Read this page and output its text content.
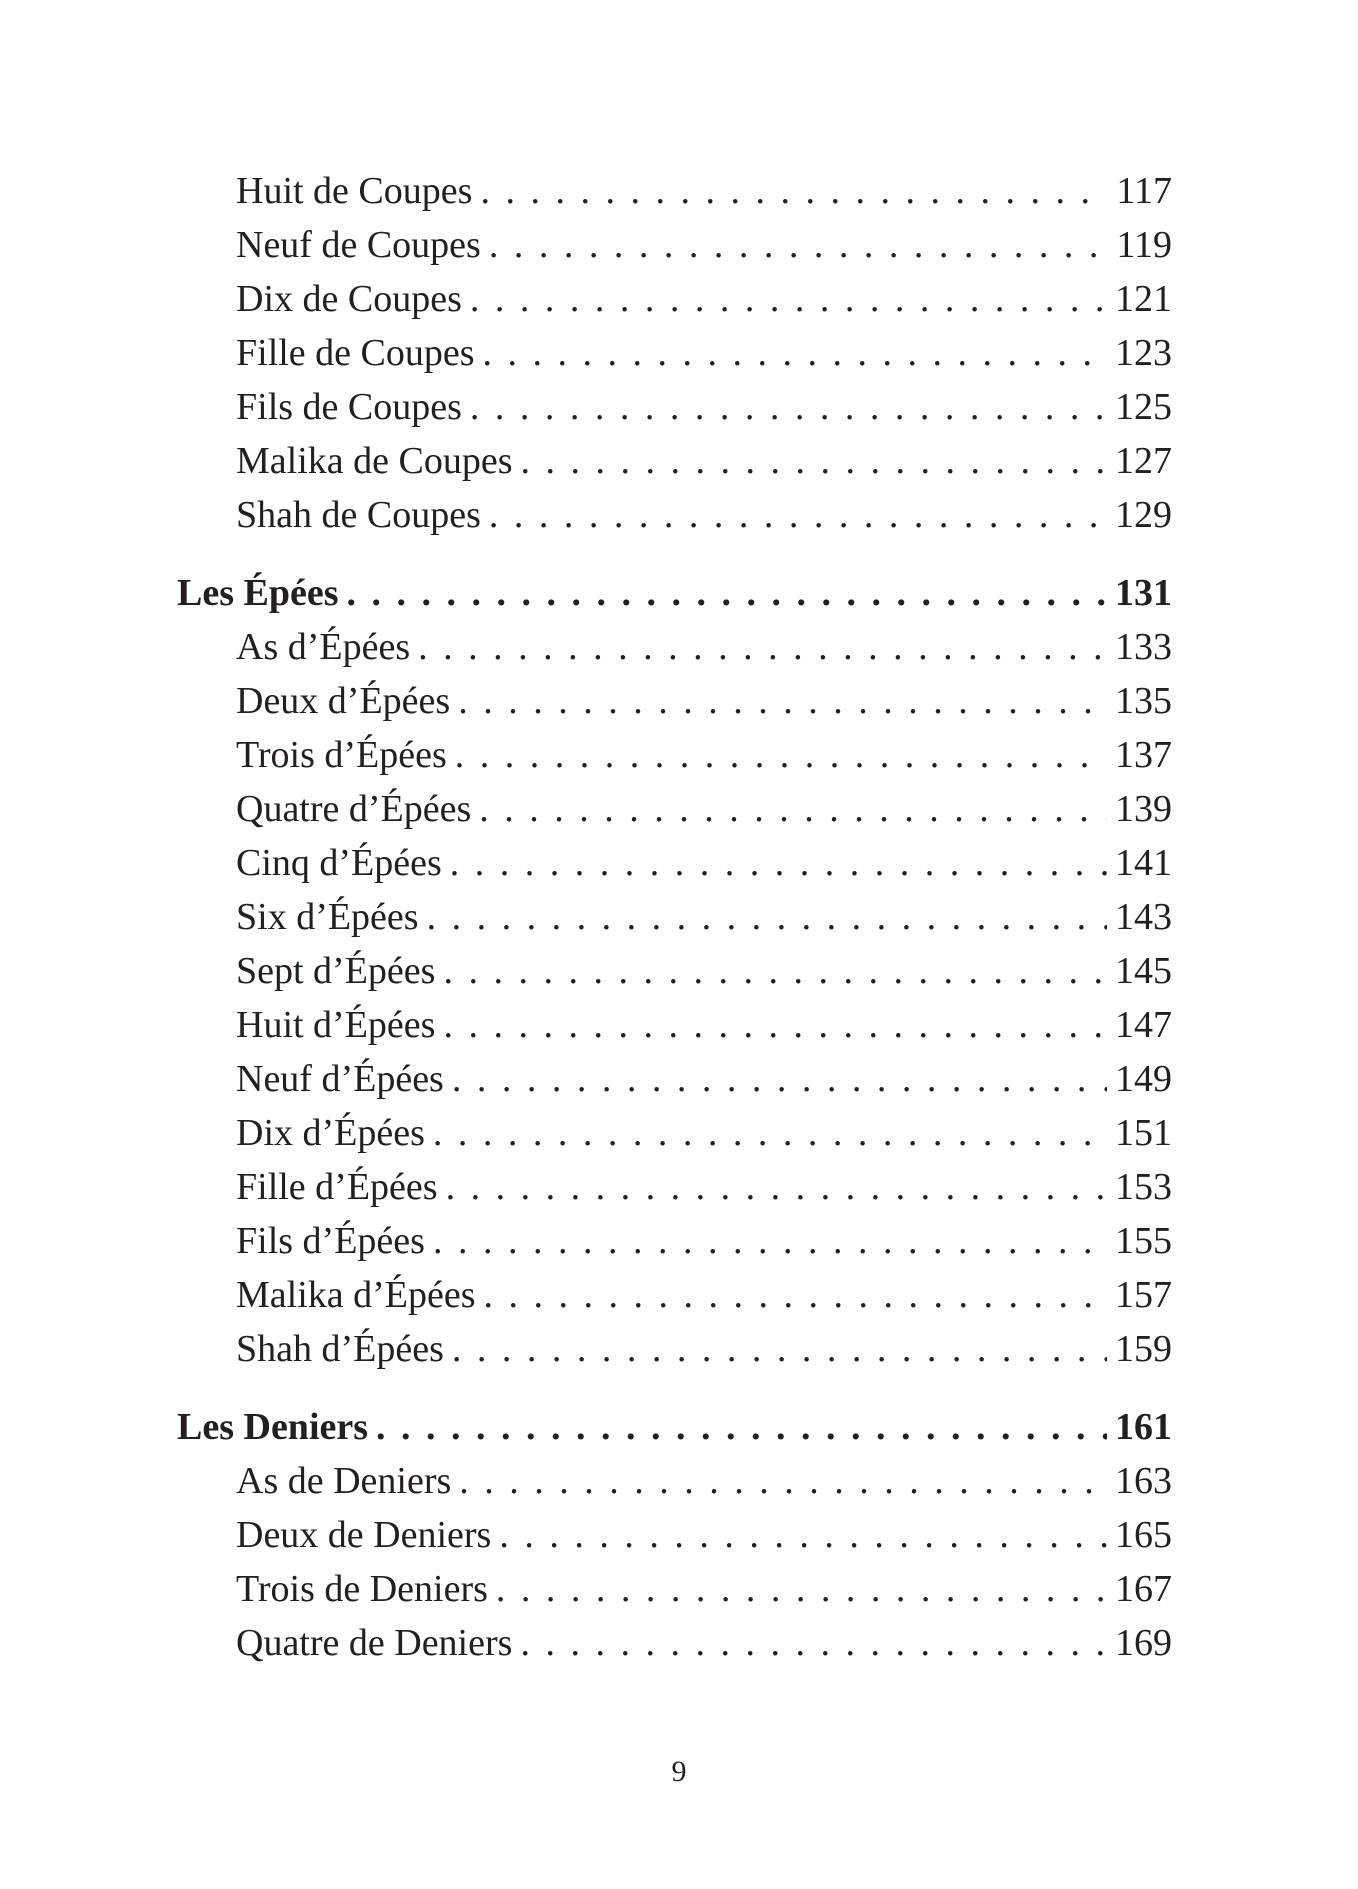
Huit de Coupes . . .	117
Neuf de Coupes . . .	119
Dix de Coupes . . .	121
Fille de Coupes . . .	123
Fils de Coupes . . .	125
Malika de Coupes . . .	127
Shah de Coupes . . .	129
Les Épées . . .	131
As d’Épées . . .	133
Deux d’Épées . . .	135
Trois d’Épées . . .	137
Quatre d’Épées . . .	139
Cinq d’Épées . . .	141
Six d’Épées . . .	143
Sept d’Épées . . .	145
Huit d’Épées . . .	147
Neuf d’Épées . . .	149
Dix d’Épées . . .	151
Fille d’Épées . . .	153
Fils d’Épées . . .	155
Malika d’Épées . . .	157
Shah d’Épées . . .	159
Les Deniers . . .	161
As de Deniers . . .	163
Deux de Deniers . . .	165
Trois de Deniers . . .	167
Quatre de Deniers . . .	169
9
